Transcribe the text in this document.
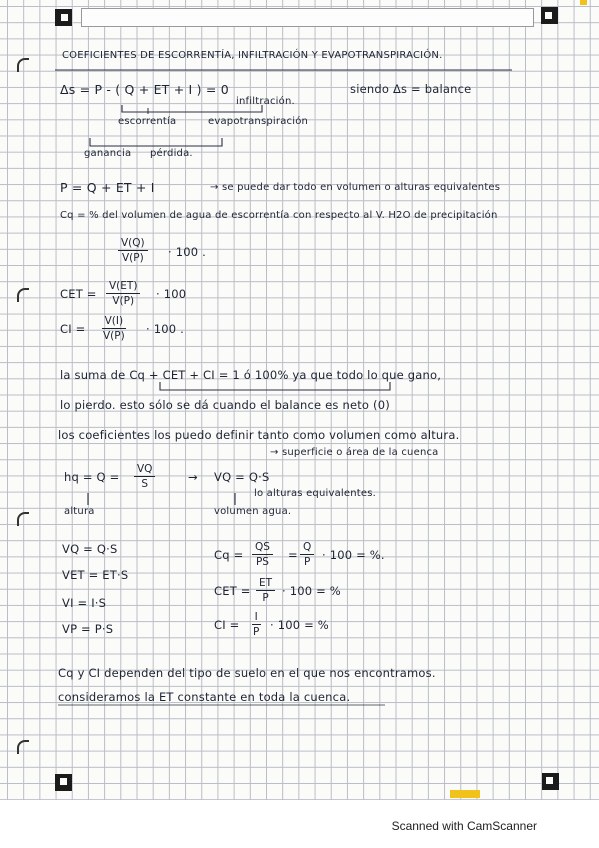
COEFICIENTES DE ESCORRENTÍA, INFILTRACIÓN Y EVAPOTRANSPIRACIÓN.
Δs = P - ( Q + ET + I ) = 0	siendo Δs = balance
infiltración.
escorrentía	evapotranspiración
ganancia pérdida.
P = Q + ET + I	→ se puede dar todo en volumen o alturas equivalentes
Cq = % del volumen de agua de escorrentía con respecto al V. H2O de precipitación
$\frac{V(Q)}{V(P)} \cdot 100$ .
CET = $\frac{V(ET)}{V(P)} \cdot 100$
CI = $\frac{V(I)}{V(P)} \cdot 100$ .
la suma de Cq + CET + CI = 1 ó 100% ya que todo lo que gano,
lo pierdo. esto sólo se dá cuando el balance es neto (0)
los coeficientes los puedo definir tanto como volumen como altura.
→ superficie o área de la cuenca
hq = $Q = \frac{VQ}{S}$	→ VQ = Q·S
lo alturas equivalentes.
altura	volumen agua.
VQ = Q·S
VET = ET·S
VI = I·S
VP = P·S
$Cq = \frac{QS}{PS} = \frac{Q}{P} \cdot 100$ = %.
CET = $\frac{ET}{P} \cdot 100$ = %
CI = $\frac{I}{P} \cdot 100$ = %
Cq y CI dependen del tipo de suelo en el que nos encontramos.
consideramos la ET constante en toda la cuenca.
Scanned with CamScanner
